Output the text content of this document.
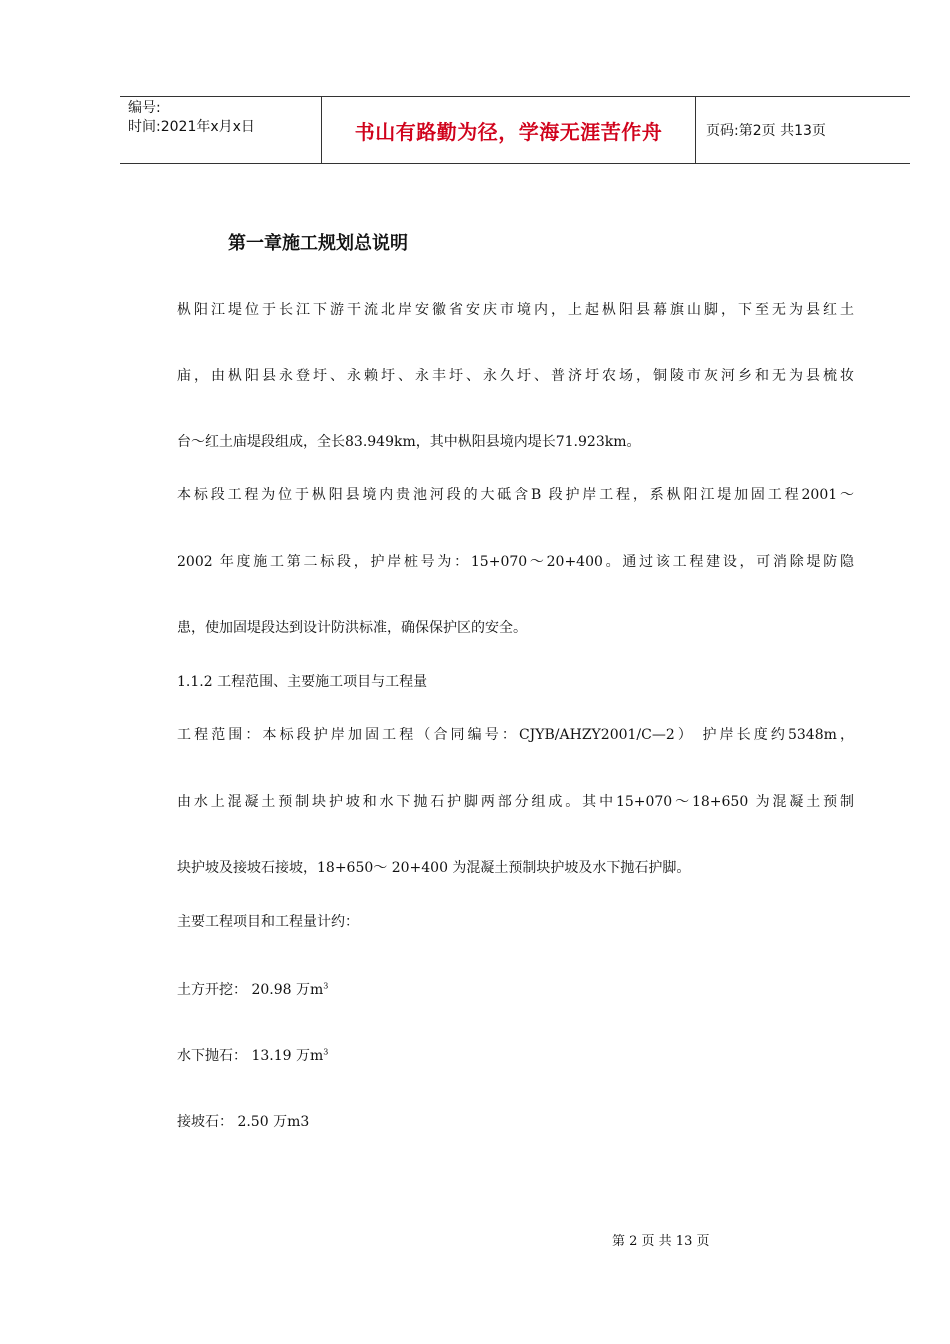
编号:
时间:2021年x月x日	书山有路勤为径，学海无涯苦作舟	页码:第2页 共13页
第一章施工规划总说明

枞阳江堤位于长江下游干流北岸安徽省安庆市境内，上起枞阳县幕旗山脚，下至无为县红土

庙，由枞阳县永登圩、永赖圩、永丰圩、永久圩、普济圩农场，铜陵市灰河乡和无为县梳妆

台～红土庙堤段组成，全长83.949km，其中枞阳县境内堤长71.923km。

本标段工程为位于枞阳县境内贵池河段的大砥含B 段护岸工程，系枞阳江堤加固工程2001～

2002 年度施工第二标段，护岸桩号为：15+070～20+400。通过该工程建设，可消除堤防隐

患，使加固堤段达到设计防洪标准，确保保护区的安全。

1.1.2 工程范围、主要施工项目与工程量

工程范围：本标段护岸加固工程（合同编号：CJYB/AHZY2001/C—2） 护岸长度约5348m，

由水上混凝土预制块护坡和水下抛石护脚两部分组成。其中15+070～18+650 为混凝土预制

块护坡及接坡石接坡，18+650～ 20+400 为混凝土预制块护坡及水下抛石护脚。

主要工程项目和工程量计约：

土方开挖： 20.98 万$m^3$

水下抛石： 13.19 万$m^3$

接坡石： 2.50 万m3

第 2 页 共 13 页
